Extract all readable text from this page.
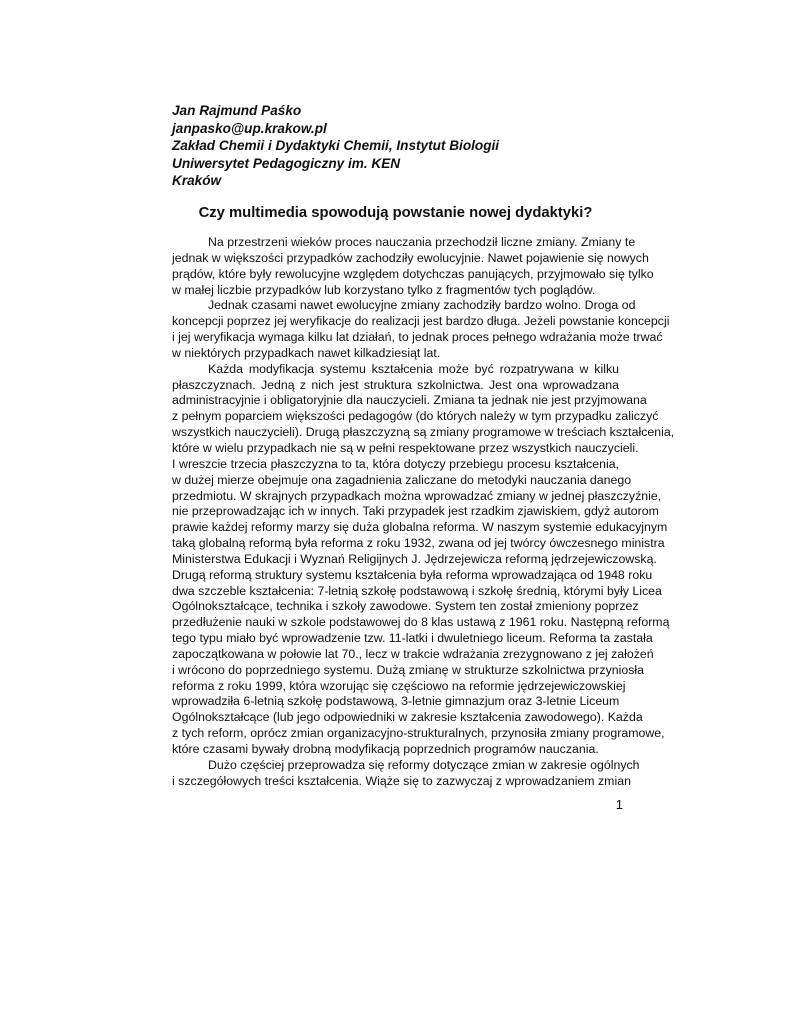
Jan Rajmund Paśko
janpasko@up.krakow.pl
Zakład Chemii i Dydaktyki Chemii, Instytut Biologii
Uniwersytet Pedagogiczny im. KEN
Kraków
Czy multimedia spowodują powstanie nowej dydaktyki?
Na przestrzeni wieków proces nauczania przechodził liczne zmiany. Zmiany te
jednak w większości przypadków zachodziły ewolucyjnie. Nawet pojawienie się nowych
prądów, które były rewolucyjne względem dotychczas panujących, przyjmowało się tylko
w małej liczbie przypadków lub korzystano tylko z fragmentów tych poglądów.
Jednak czasami nawet ewolucyjne zmiany zachodziły bardzo wolno. Droga od
koncepcji poprzez jej weryfikacje do realizacji jest bardzo długa. Jeżeli powstanie koncepcji
i jej weryfikacja wymaga kilku lat działań, to jednak proces pełnego wdrażania może trwać
w niektórych przypadkach nawet kilkadziesiąt lat.
Każda modyfikacja systemu kształcenia może być rozpatrywana w kilku
płaszczyznach. Jedną z nich jest struktura szkolnictwa. Jest ona wprowadzana
administracyjnie i obligatoryjnie dla nauczycieli. Zmiana ta jednak nie jest przyjmowana
z pełnym poparciem większości pedagogów (do których należy w tym przypadku zaliczyć
wszystkich nauczycieli). Drugą płaszczyzną są zmiany programowe w treściach kształcenia,
które w wielu przypadkach nie są w pełni respektowane przez wszystkich nauczycieli.
I wreszcie trzecia płaszczyzna to ta, która dotyczy przebiegu procesu kształcenia,
w dużej mierze obejmuje ona zagadnienia zaliczane do metodyki nauczania danego
przedmiotu. W skrajnych przypadkach można wprowadzać zmiany w jednej płaszczyźnie,
nie przeprowadzając ich w innych. Taki przypadek jest rzadkim zjawiskiem, gdyż autorom
prawie każdej reformy marzy się duża globalna reforma. W naszym systemie edukacyjnym
taką globalną reformą była reforma z roku 1932, zwana od jej twórcy ówczesnego ministra
Ministerstwa Edukacji i Wyznań Religijnych J. Jędrzejewicza reformą jędrzejewiczowską.
Drugą reformą struktury systemu kształcenia była reforma wprowadzająca od 1948 roku
dwa szczeble kształcenia: 7-letnią szkołę podstawową i szkołę średnią, którymi były Licea
Ogólnokształcące, technika i szkoły zawodowe. System ten został zmieniony poprzez
przedłużenie nauki w szkole podstawowej do 8 klas ustawą z 1961 roku. Następną reformą
tego typu miało być wprowadzenie tzw. 11-latki i dwuletniego liceum. Reforma ta zastała
zapoczątkowana w połowie lat 70., lecz w trakcie wdrażania zrezygnowano z jej założeń
i wrócono do poprzedniego systemu. Dużą zmianę w strukturze szkolnictwa przyniosła
reforma z roku 1999, która wzorując się częściowo na reformie jędrzejewiczowskiej
wprowadziła 6-letnią szkołę podstawową, 3-letnie gimnazjum oraz 3-letnie Liceum
Ogólnokształcące (lub jego odpowiedniki w zakresie kształcenia zawodowego). Każda
z tych reform, oprócz zmian organizacyjno-strukturalnych, przynosiła zmiany programowe,
które czasami bywały drobną modyfikacją poprzednich programów nauczania.
Dużo częściej przeprowadza się reformy dotyczące zmian w zakresie ogólnych
i szczegółowych treści kształcenia. Wiąże się to zazwyczaj z wprowadzaniem zmian
1
